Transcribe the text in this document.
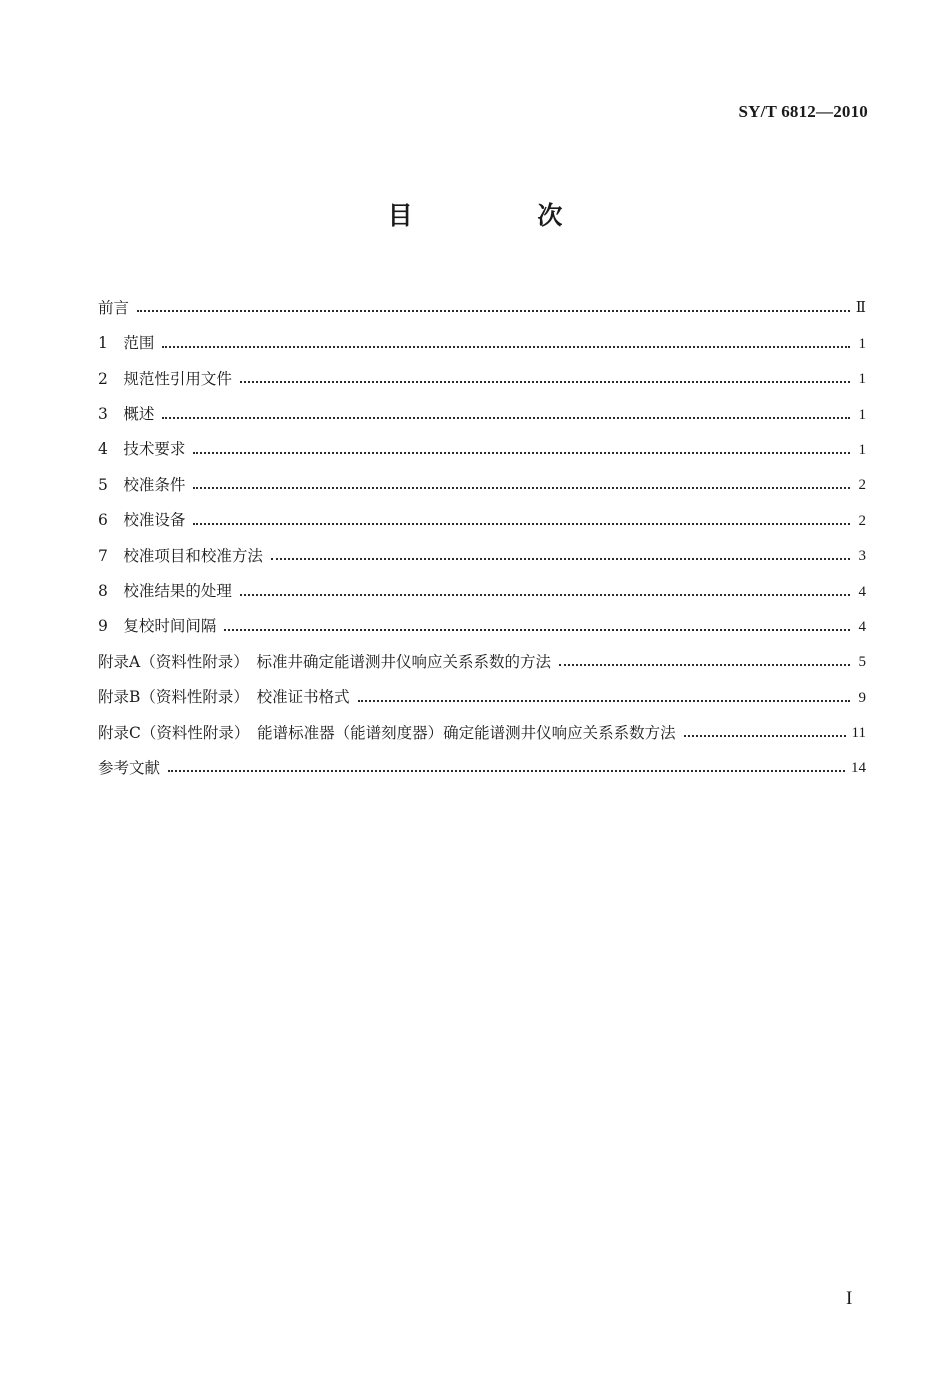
SY/T 6812—2010
目 次
前言	Ⅱ
1　范围	1
2　规范性引用文件	1
3　概述	1
4　技术要求	1
5　校准条件	2
6　校准设备	2
7　校准项目和校准方法	3
8　校准结果的处理	4
9　复校时间间隔	4
附录A（资料性附录）　标准井确定能谱测井仪响应关系系数的方法	5
附录B（资料性附录）　校准证书格式	9
附录C（资料性附录）　能谱标准器（能谱刻度器）确定能谱测井仪响应关系系数方法	11
参考文献	14
I
